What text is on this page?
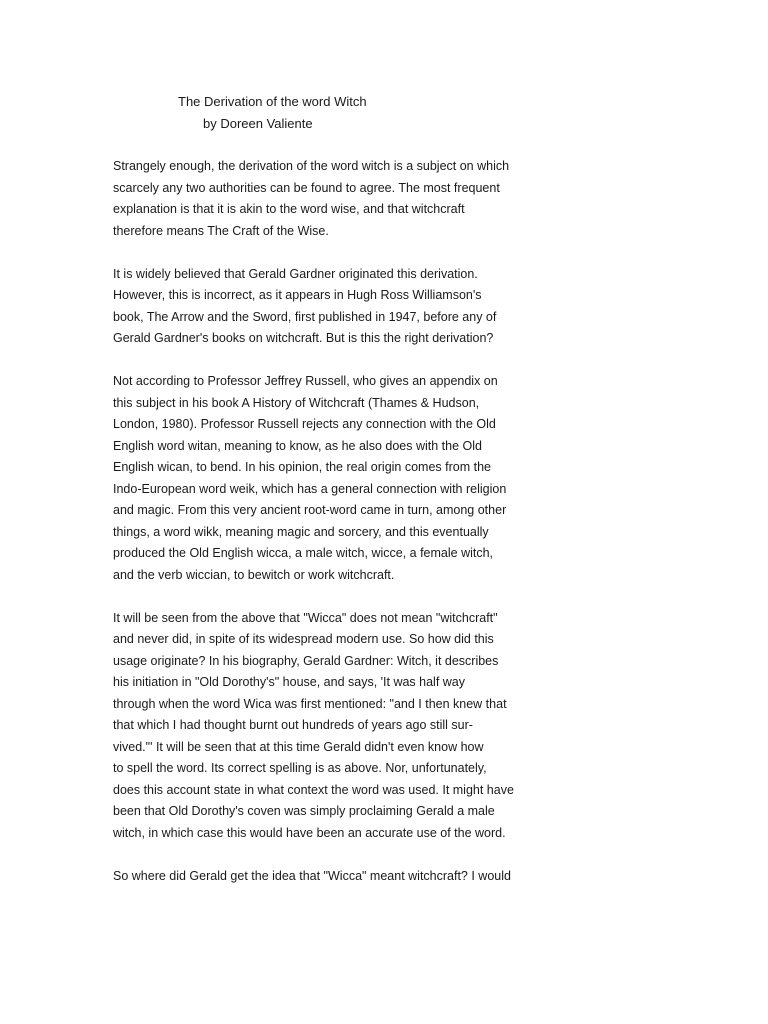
The Derivation of the word Witch
by Doreen Valiente
Strangely enough, the derivation of the word witch is a subject on which
scarcely any two authorities can be found to agree. The most frequent
explanation is that it is akin to the word wise, and that witchcraft
therefore means The Craft of the Wise.
It is widely believed that Gerald Gardner originated this derivation.
However, this is incorrect, as it appears in Hugh Ross Williamson's
book, The Arrow and the Sword, first published in 1947, before any of
Gerald Gardner's books on witchcraft. But is this the right derivation?
Not according to Professor Jeffrey Russell, who gives an appendix on
this subject in his book A History of Witchcraft (Thames & Hudson,
London, 1980). Professor Russell rejects any connection with the Old
English word witan, meaning to know, as he also does with the Old
English wican, to bend. In his opinion, the real origin comes from the
Indo-European word weik, which has a general connection with religion
and magic. From this very ancient root-word came in turn, among other
things, a word wikk, meaning magic and sorcery, and this eventually
produced the Old English wicca, a male witch, wicce, a female witch,
and the verb wiccian, to bewitch or work witchcraft.
It will be seen from the above that "Wicca" does not mean "witchcraft"
and never did, in spite of its widespread modern use. So how did this
usage originate? In his biography, Gerald Gardner: Witch, it describes
his initiation in "Old Dorothy's" house, and says, 'It was half way
through when the word Wica was first mentioned: "and I then knew that
that which I had thought burnt out hundreds of years ago still sur-
vived."' It will be seen that at this time Gerald didn't even know how
to spell the word. Its correct spelling is as above. Nor, unfortunately,
does this account state in what context the word was used. It might have
been that Old Dorothy's coven was simply proclaiming Gerald a male
witch, in which case this would have been an accurate use of the word.
So where did Gerald get the idea that "Wicca" meant witchcraft? I would
